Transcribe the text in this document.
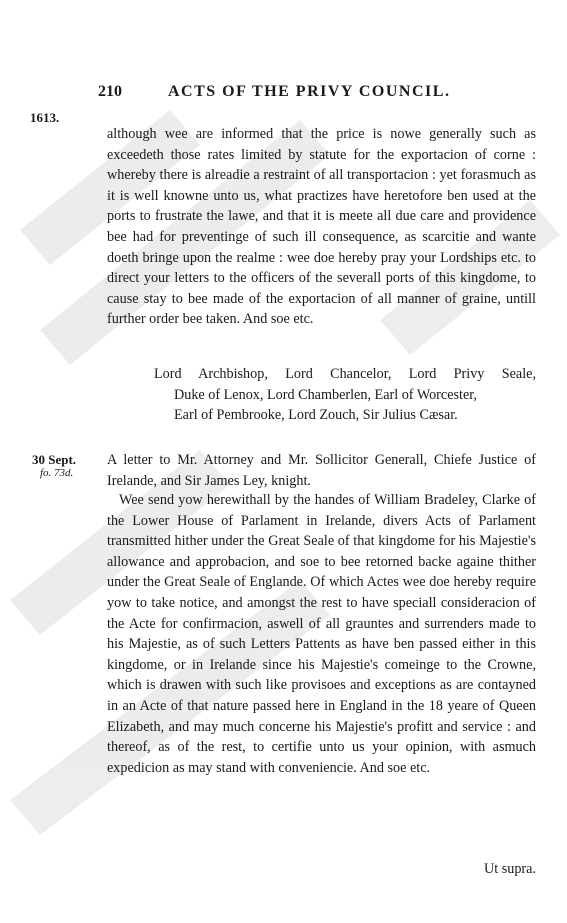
210	ACTS OF THE PRIVY COUNCIL.
1613.

although wee are informed that the price is nowe generally such as exceedeth those rates limited by statute for the exportacion of corne : whereby there is alreadie a restraint of all transportacion : yet forasmuch as it is well knowne unto us, what practizes have heretofore ben used at the ports to frustrate the lawe, and that it is meete all due care and providence bee had for preventinge of such ill consequence, as scarcitie and wante doeth bringe upon the realme : wee doe hereby pray your Lordships etc. to direct your letters to the officers of the severall ports of this kingdome, to cause stay to bee made of the exportacion of all manner of graine, untill further order bee taken. And soe etc.

Lord Archbishop, Lord Chancelor, Lord Privy Seale,
Duke of Lenox, Lord Chamberlen, Earl of Worcester,
Earl of Pembrooke, Lord Zouch, Sir Julius Cæsar.
30 Sept.
fo. 73d.

A letter to Mr. Attorney and Mr. Sollicitor Generall, Chiefe Justice of Irelande, and Sir James Ley, knight.

Wee send yow herewithall by the handes of William Bradeley, Clarke of the Lower House of Parlament in Irelande, divers Acts of Parlament transmitted hither under the Great Seale of that kingdome for his Majestie's allowance and approbacion, and soe to bee retorned backe againe thither under the Great Seale of Englande. Of which Actes wee doe hereby require yow to take notice, and amongst the rest to have speciall consideracion of the Acte for confirmacion, aswell of all grauntes and surrenders made to his Majestie, as of such Letters Pattents as have ben passed either in this kingdome, or in Irelande since his Majestie's comeinge to the Crowne, which is drawen with such like provisoes and exceptions as are contayned in an Acte of that nature passed here in England in the 18 yeare of Queen Elizabeth, and may much concerne his Majestie's profitt and service : and thereof, as of the rest, to certifie unto us your opinion, with asmuch expedicion as may stand with conveniencie. And soe etc.

Ut supra.
